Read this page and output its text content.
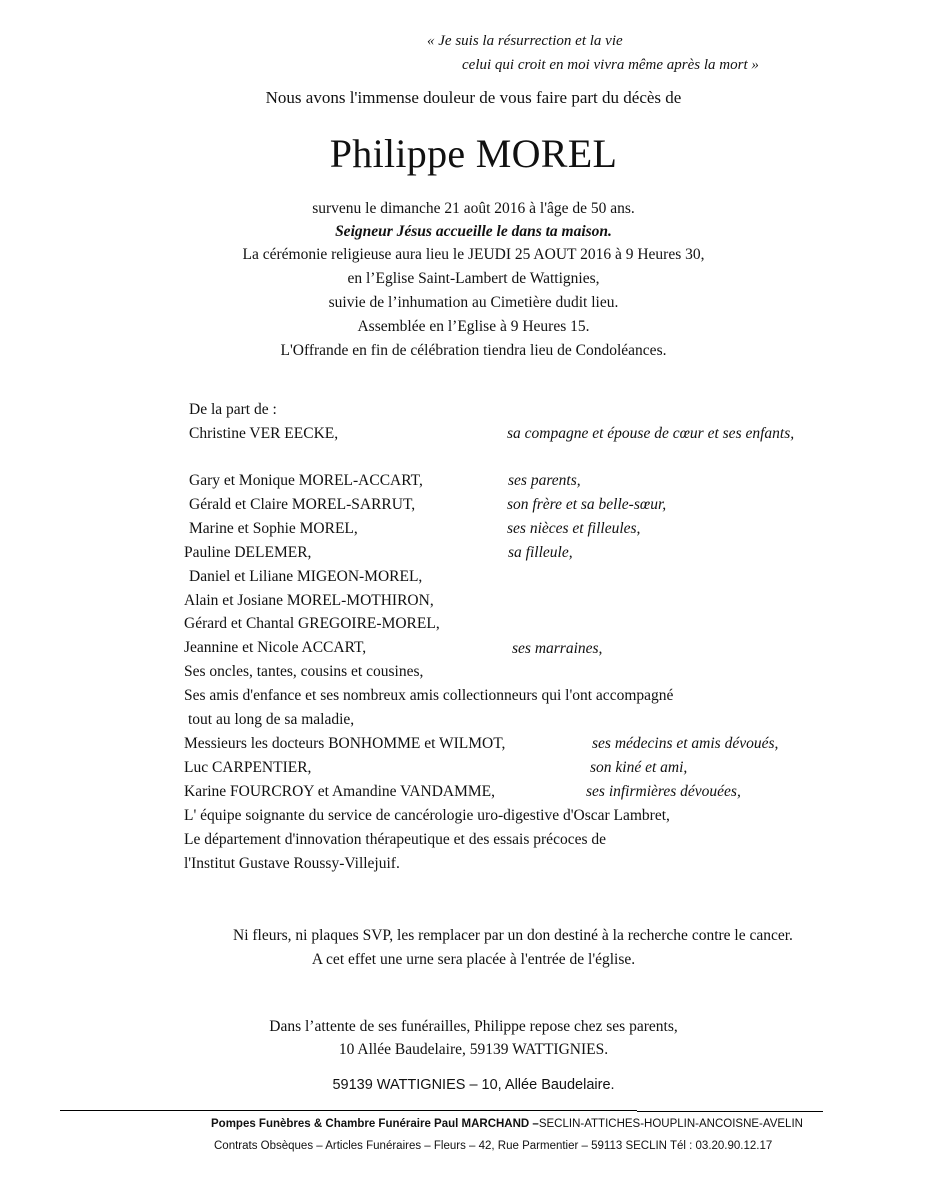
« Je suis la résurrection et la vie
celui qui croit en moi vivra même après la mort »
Nous avons l'immense douleur de vous faire part du décès de
Philippe MOREL
survenu le dimanche 21 août 2016 à l'âge de 50 ans.
Seigneur Jésus accueille le dans ta maison.
La cérémonie religieuse aura lieu le JEUDI 25 AOUT 2016 à 9 Heures 30,
en l’Eglise Saint-Lambert de Wattignies,
suivie de l’inhumation au Cimetière dudit lieu.
Assemblée en l’Eglise à 9 Heures 15.
L'Offrande en fin de célébration tiendra lieu de Condoléances.
De la part de :
Christine VER EECKE,	sa compagne et épouse de cœur et ses enfants,
Gary et Monique MOREL-ACCART,	ses parents,
Gérald et Claire MOREL-SARRUT,	son frère et sa belle-sœur,
Marine et Sophie MOREL,	ses nièces et filleules,
Pauline DELEMER,	sa filleule,
Daniel et Liliane MIGEON-MOREL,
Alain et Josiane MOREL-MOTHIRON,
Gérard et Chantal GREGOIRE-MOREL,
Jeannine et Nicole ACCART,	ses marraines,
Ses oncles, tantes, cousins et cousines,
Ses amis d'enfance et ses nombreux amis collectionneurs qui l'ont accompagné
tout au long de sa maladie,
Messieurs les docteurs BONHOMME et WILMOT,	ses médecins et amis dévoués,
Luc CARPENTIER,	son kiné et ami,
Karine FOURCROY et Amandine VANDAMME,	ses infirmières dévouées,
L' équipe soignante du service de cancérologie uro-digestive d'Oscar Lambret,
Le département d'innovation thérapeutique et des essais précoces de
l'Institut Gustave Roussy-Villejuif.
Ni fleurs, ni plaques SVP, les remplacer par un don destiné à la recherche contre le cancer.
A cet effet une urne sera placée à l'entrée de l'église.
Dans l’attente de ses funérailles, Philippe repose chez ses parents,
10 Allée Baudelaire, 59139 WATTIGNIES.
59139 WATTIGNIES – 10, Allée Baudelaire.
Pompes Funèbres & Chambre Funéraire Paul MARCHAND –SECLIN-ATTICHES-HOUPLIN-ANCOISNE-AVELIN
Contrats Obsèques – Articles Funéraires – Fleurs – 42, Rue Parmentier – 59113 SECLIN Tél : 03.20.90.12.17
